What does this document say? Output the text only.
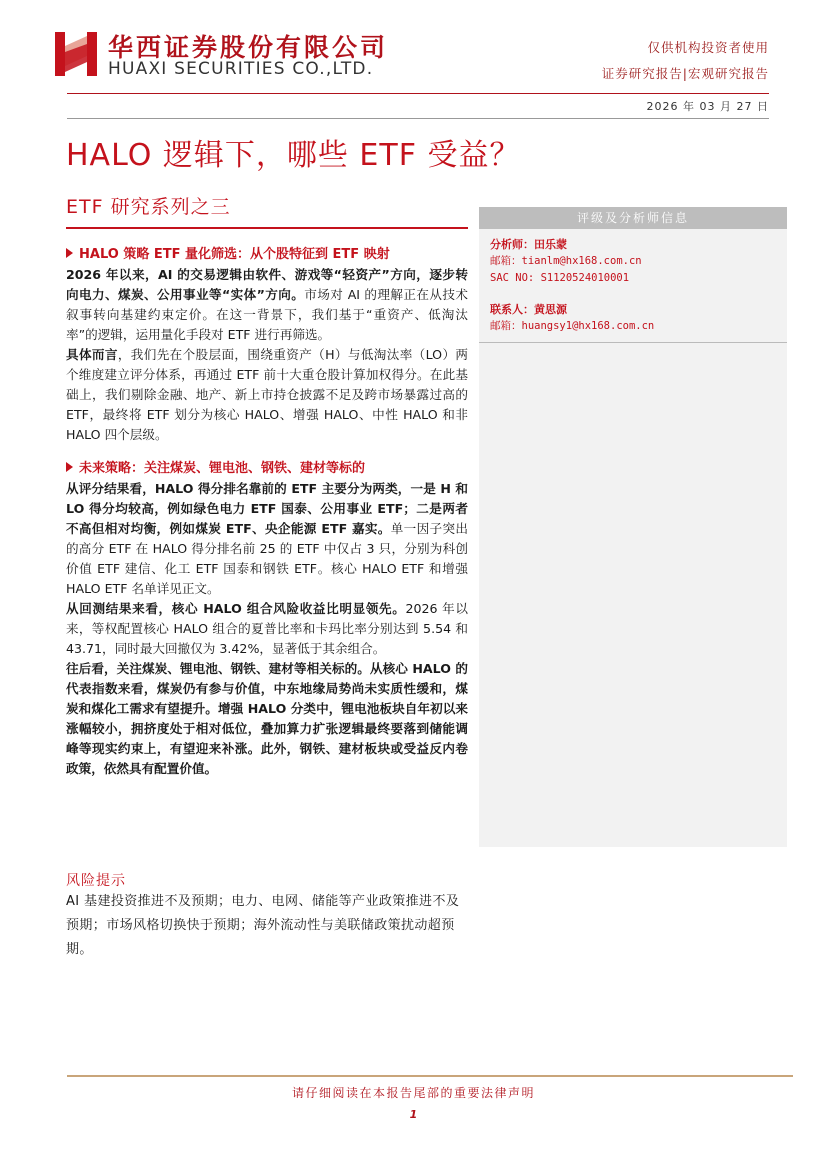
华西证券股份有限公司
HUAXI SECURITIES CO.,LTD.
仅供机构投资者使用
证券研究报告|宏观研究报告
2026 年 03 月 27 日
HALO 逻辑下，哪些 ETF 受益？
ETF 研究系列之三
HALO 策略 ETF 量化筛选：从个股特征到 ETF 映射

2026 年以来，AI 的交易逻辑由软件、游戏等“轻资产”方向，逐步转向电力、煤炭、公用事业等“实体”方向。市场对 AI 的理解正在从技术叙事转向基建约束定价。在这一背景下，我们基于“重资产、低淘汰率”的逻辑，运用量化手段对 ETF 进行再筛选。

具体而言，我们先在个股层面，围绕重资产（H）与低淘汰率（LO）两个维度建立评分体系，再通过 ETF 前十大重仓股计算加权得分。在此基础上，我们剔除金融、地产、新上市持仓披露不足及跨市场暴露过高的 ETF，最终将 ETF 划分为核心 HALO、增强 HALO、中性 HALO 和非 HALO 四个层级。

未来策略：关注煤炭、锂电池、钢铁、建材等标的

从评分结果看，HALO 得分排名靠前的 ETF 主要分为两类，一是 H 和 LO 得分均较高，例如绿色电力 ETF 国泰、公用事业 ETF；二是两者不高但相对均衡，例如煤炭 ETF、央企能源 ETF 嘉实。单一因子突出的高分 ETF 在 HALO 得分排名前 25 的 ETF 中仅占 3 只，分别为科创价值 ETF 建信、化工 ETF 国泰和钢铁 ETF。核心 HALO ETF 和增强 HALO ETF 名单详见正文。

从回测结果来看，核心 HALO 组合风险收益比明显领先。2026 年以来，等权配置核心 HALO 组合的夏普比率和卡玛比率分别达到 5.54 和 43.71，同时最大回撤仅为 3.42%，显著低于其余组合。

往后看，关注煤炭、锂电池、钢铁、建材等相关标的。从核心 HALO 的代表指数来看，煤炭仍有参与价值，中东地缘局势尚未实质性缓和，煤炭和煤化工需求有望提升。增强 HALO 分类中，锂电池板块自年初以来涨幅较小，拥挤度处于相对低位，叠加算力扩张逻辑最终要落到储能调峰等现实约束上，有望迎来补涨。此外，钢铁、建材板块或受益反内卷政策，依然具有配置价值。

风险提示
AI 基建投资推进不及预期；电力、电网、储能等产业政策推进不及预期；市场风格切换快于预期；海外流动性与美联储政策扰动超预期。
评级及分析师信息
分析师：田乐蒙
邮箱：tianlm@hx168.com.cn
SAC NO: S1120524010001
联系人：黄思源
邮箱：huangsy1@hx168.com.cn
请仔细阅读在本报告尾部的重要法律声明
1
